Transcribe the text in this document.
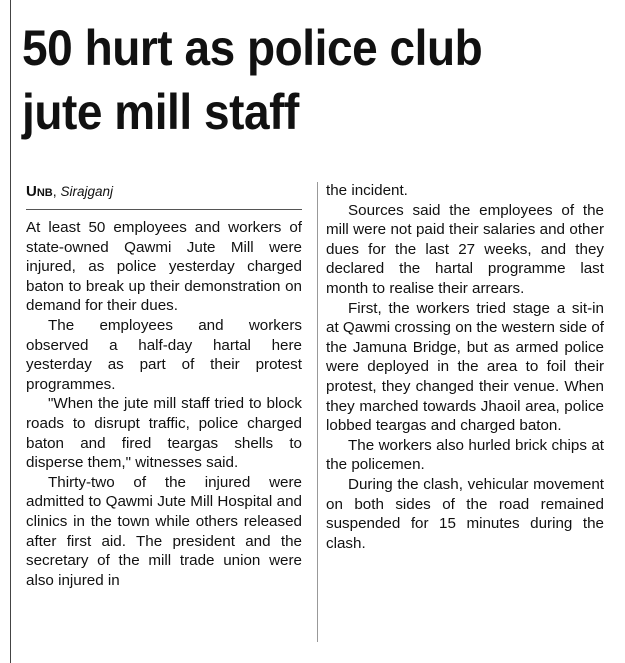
50 hurt as police club
jute mill staff

Unb, Sirajganj

At least 50 employees and workers of state-owned Qawmi Jute Mill were injured, as police yesterday charged baton to break up their demonstration on demand for their dues.

The employees and workers observed a half-day hartal here yesterday as part of their protest programmes.

"When the jute mill staff tried to block roads to disrupt traffic, police charged baton and fired teargas shells to disperse them," witnesses said.

Thirty-two of the injured were admitted to Qawmi Jute Mill Hospital and clinics in the town while others released after first aid. The president and the secretary of the mill trade union were also injured in

the incident.

Sources said the employees of the mill were not paid their salaries and other dues for the last 27 weeks, and they declared the hartal programme last month to realise their arrears.

First, the workers tried stage a sit-in at Qawmi crossing on the western side of the Jamuna Bridge, but as armed police were deployed in the area to foil their protest, they changed their venue. When they marched towards Jhaoil area, police lobbed teargas and charged baton.

The workers also hurled brick chips at the policemen.

During the clash, vehicular movement on both sides of the road remained suspended for 15 minutes during the clash.
